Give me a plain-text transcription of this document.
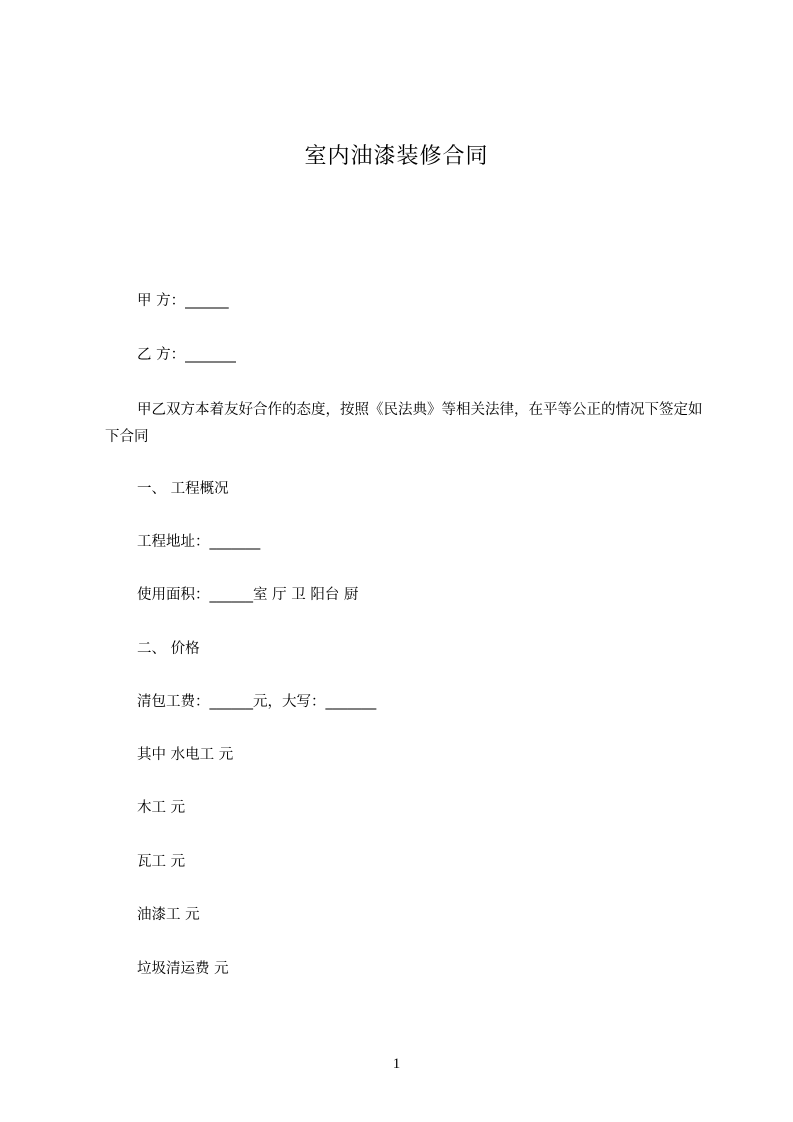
室内油漆装修合同
甲 方：______
乙 方：_______
甲乙双方本着友好合作的态度，按照《民法典》等相关法律，在平等公正的情况下签定如下合同
一、 工程概况
工程地址：_______
使用面积：______室 厅 卫 阳台 厨
二、 价格
清包工费：______元，大写：_______
其中 水电工 元
木工 元
瓦工 元
油漆工 元
垃圾清运费 元
1
